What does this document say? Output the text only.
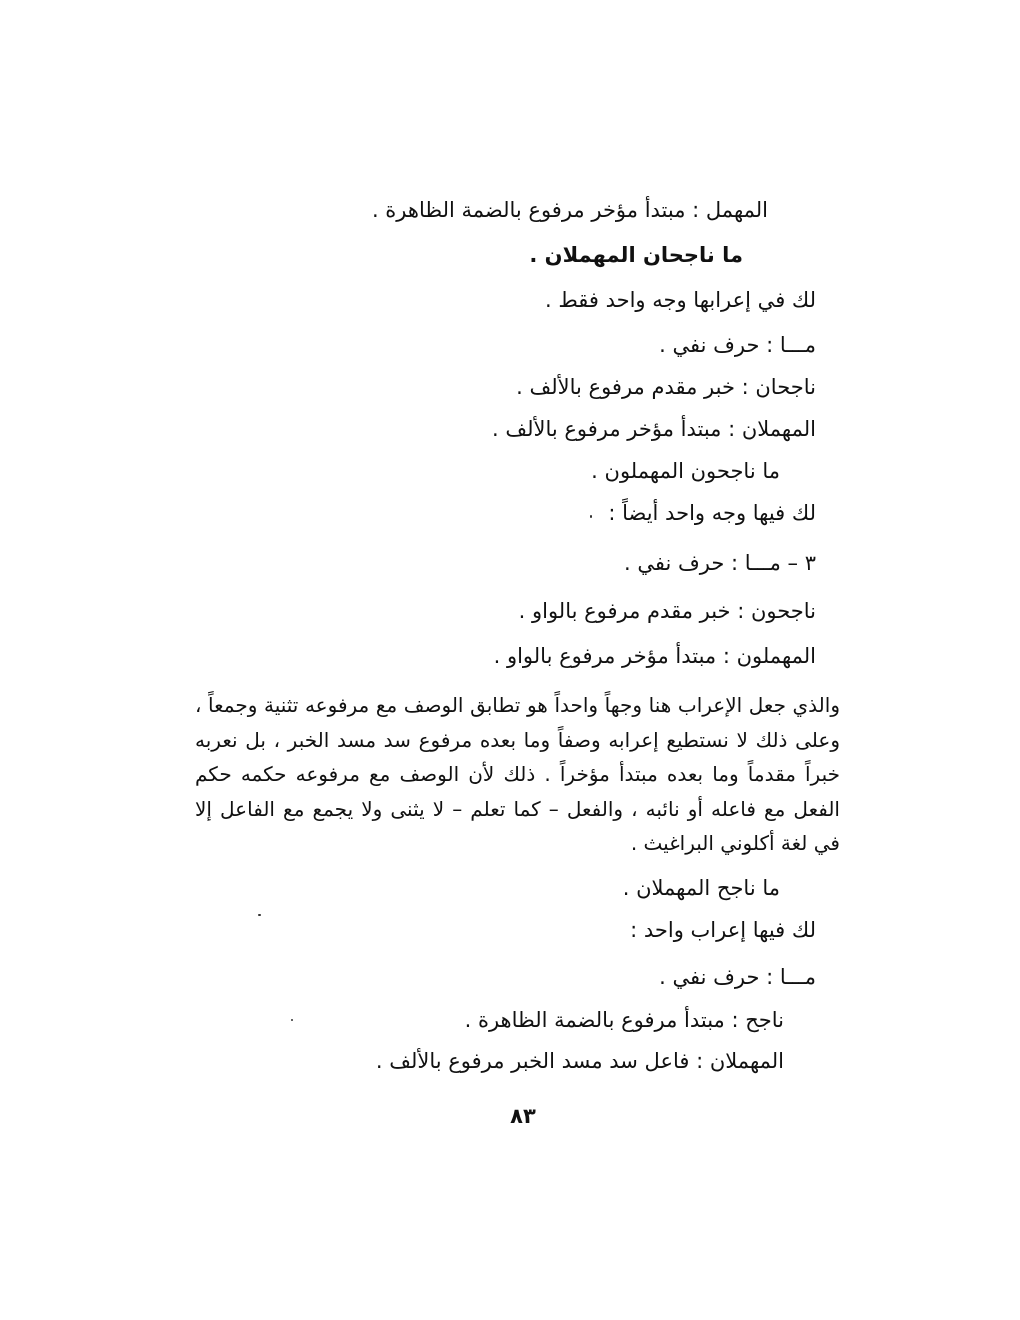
المهمل : مبتدأ مؤخر مرفوع بالضمة الظاهرة .
ما ناجحان المهملان .
لك في إعرابها وجه واحد فقط .
مـــا : حرف نفي .
ناجحان : خبر مقدم مرفوع بالألف .
المهملان : مبتدأ مؤخر مرفوع بالألف .
ما ناجحون المهملون .
لك فيها وجه واحد أيضاً :
٣ – مـــا : حرف نفي .
ناجحون : خبر مقدم مرفوع بالواو .
المهملون : مبتدأ مؤخر مرفوع بالواو .
والذي جعل الإعراب هنا وجهاً واحداً هو تطابق الوصف مع مرفوعه تثنية وجمعاً ، وعلى ذلك لا نستطيع إعرابه وصفاً وما بعده مرفوع سد مسد الخبر ، بل نعربه خبراً مقدماً وما بعده مبتدأ مؤخراً . ذلك لأن الوصف مع مرفوعه حكمه حكم الفعل مع فاعله أو نائبه ، والفعل – كما تعلم – لا يثنى ولا يجمع مع الفاعل إلا في لغة أكلوني البراغيث .
ما ناجح المهملان .
لك فيها إعراب واحد :
مـــا : حرف نفي .
ناجح : مبتدأ مرفوع بالضمة الظاهرة .
المهملان : فاعل سد مسد الخبر مرفوع بالألف .
٨٣
